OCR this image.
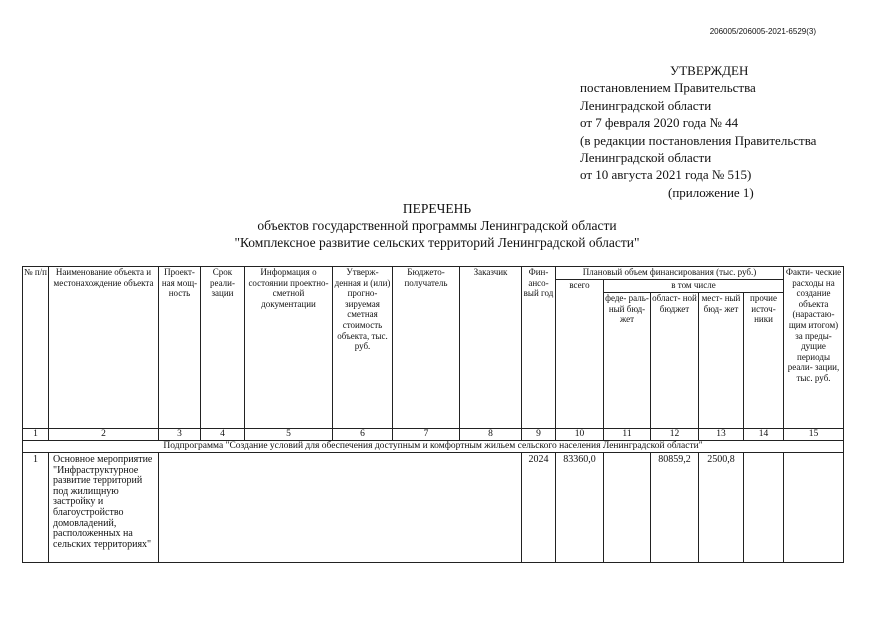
206005/206005-2021-6529(3)
УТВЕРЖДЕН
постановлением Правительства
Ленинградской области
от 7 февраля 2020 года № 44
(в редакции постановления Правительства
Ленинградской области
от 10 августа 2021 года № 515)
(приложение 1)
ПЕРЕЧЕНЬ
объектов государственной программы Ленинградской области
"Комплексное развитие сельских территорий Ленинградской области"
№ п/п	Наименование объекта и местонахождение объекта	Проект- ная мощ- ность	Срок реали- зации	Информация о состоянии проектно- сметной документации	Утверж- денная и (или) прогно- зируемая сметная стоимость объекта, тыс. руб.	Бюджето- получатель	Заказчик	Фин- ансо- вый год	Плановый объем финансирования (тыс. руб.)					Факти- ческие расходы на создание объекта (нарастаю- щим итогом) за преды- дущие периоды реали- зации, тыс. руб.
									всего	в том числе				
										феде- раль- ный бюд- жет	област- ной бюджет	мест- ный бюд- жет	прочие источ- ники	
1	2	3	4	5	6	7	8	9	10	11	12	13	14	15
Подпрограмма "Создание условий для обеспечения доступным и комфортным жильем сельского населения Ленинградской области"														
1	Основное мероприятие "Инфраструктурное развитие территорий под жилищную застройку и благоустройство домовладений, расположенных на сельских территориях"							2024	83360,0		80859,2	2500,8		
